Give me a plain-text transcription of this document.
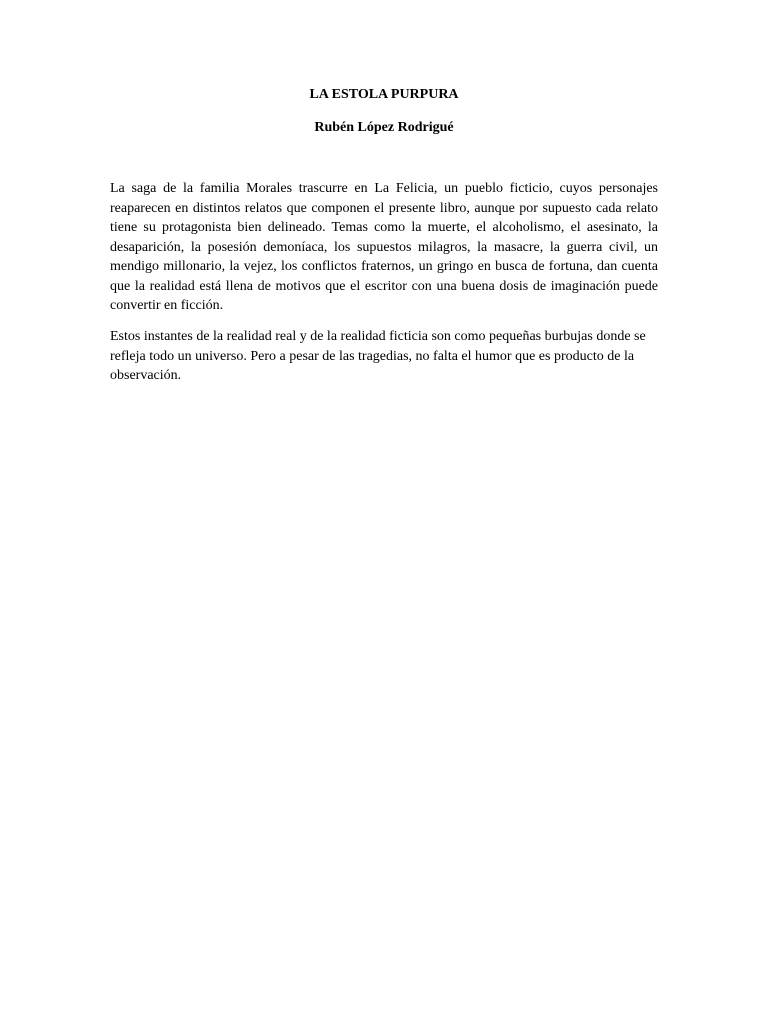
LA ESTOLA PURPURA
Rubén López Rodrigué

La saga de la familia Morales trascurre en La Felicia, un pueblo ficticio, cuyos personajes reaparecen en distintos relatos que componen el presente libro, aunque por supuesto cada relato tiene su protagonista bien delineado. Temas como la muerte, el alcoholismo, el asesinato, la desaparición, la posesión demoníaca, los supuestos milagros, la masacre, la guerra civil, un mendigo millonario, la vejez, los conflictos fraternos, un gringo en busca de fortuna, dan cuenta que la realidad está llena de motivos que el escritor con una buena dosis de imaginación puede convertir en ficción.

Estos instantes de la realidad real y de la realidad ficticia son como pequeñas burbujas donde se refleja todo un universo. Pero a pesar de las tragedias, no falta el humor que es producto de la observación.
